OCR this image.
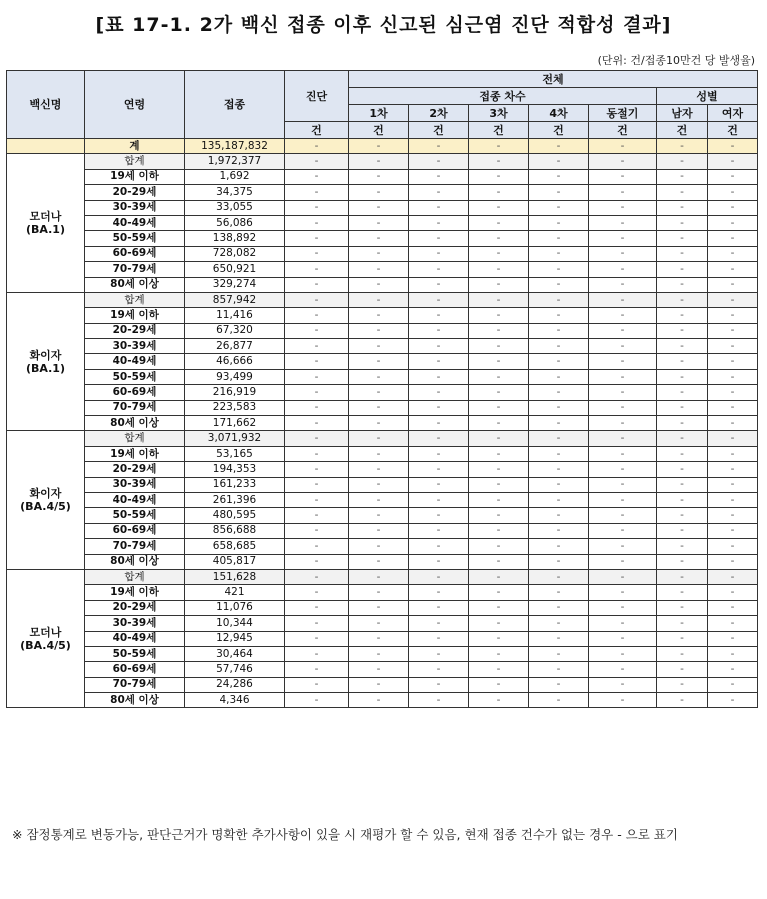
[표 17-1. 2가 백신 접종 이후 신고된 심근염 진단 적합성 결과]
(단위: 건/접종10만건 당 발생율)
백신명	연령	접종	진단	전체						
				접종 차수					성별	
				1차	2차	3차	4차	동절기	남자	여자
			건	건	건	건	건	건	건	건
	계	135,187,832	-	-	-	-	-	-	-	-
모더나
(BA.1)	합계	1,972,377	-	-	-	-	-	-	-	-
	19세 이하	1,692	-	-	-	-	-	-	-	-
	20-29세	34,375	-	-	-	-	-	-	-	-
	30-39세	33,055	-	-	-	-	-	-	-	-
	40-49세	56,086	-	-	-	-	-	-	-	-
	50-59세	138,892	-	-	-	-	-	-	-	-
	60-69세	728,082	-	-	-	-	-	-	-	-
	70-79세	650,921	-	-	-	-	-	-	-	-
	80세 이상	329,274	-	-	-	-	-	-	-	-
화이자
(BA.1)	합계	857,942	-	-	-	-	-	-	-	-
	19세 이하	11,416	-	-	-	-	-	-	-	-
	20-29세	67,320	-	-	-	-	-	-	-	-
	30-39세	26,877	-	-	-	-	-	-	-	-
	40-49세	46,666	-	-	-	-	-	-	-	-
	50-59세	93,499	-	-	-	-	-	-	-	-
	60-69세	216,919	-	-	-	-	-	-	-	-
	70-79세	223,583	-	-	-	-	-	-	-	-
	80세 이상	171,662	-	-	-	-	-	-	-	-
화이자
(BA.4/5)	합계	3,071,932	-	-	-	-	-	-	-	-
	19세 이하	53,165	-	-	-	-	-	-	-	-
	20-29세	194,353	-	-	-	-	-	-	-	-
	30-39세	161,233	-	-	-	-	-	-	-	-
	40-49세	261,396	-	-	-	-	-	-	-	-
	50-59세	480,595	-	-	-	-	-	-	-	-
	60-69세	856,688	-	-	-	-	-	-	-	-
	70-79세	658,685	-	-	-	-	-	-	-	-
	80세 이상	405,817	-	-	-	-	-	-	-	-
모더나
(BA.4/5)	합계	151,628	-	-	-	-	-	-	-	-
	19세 이하	421	-	-	-	-	-	-	-	-
	20-29세	11,076	-	-	-	-	-	-	-	-
	30-39세	10,344	-	-	-	-	-	-	-	-
	40-49세	12,945	-	-	-	-	-	-	-	-
	50-59세	30,464	-	-	-	-	-	-	-	-
	60-69세	57,746	-	-	-	-	-	-	-	-
	70-79세	24,286	-	-	-	-	-	-	-	-
	80세 이상	4,346	-	-	-	-	-	-	-	-
※ 잠정통계로 변동가능, 판단근거가 명확한 추가사항이 있을 시 재평가 할 수 있음, 현재 접종 건수가 없는 경우 - 으로 표기
